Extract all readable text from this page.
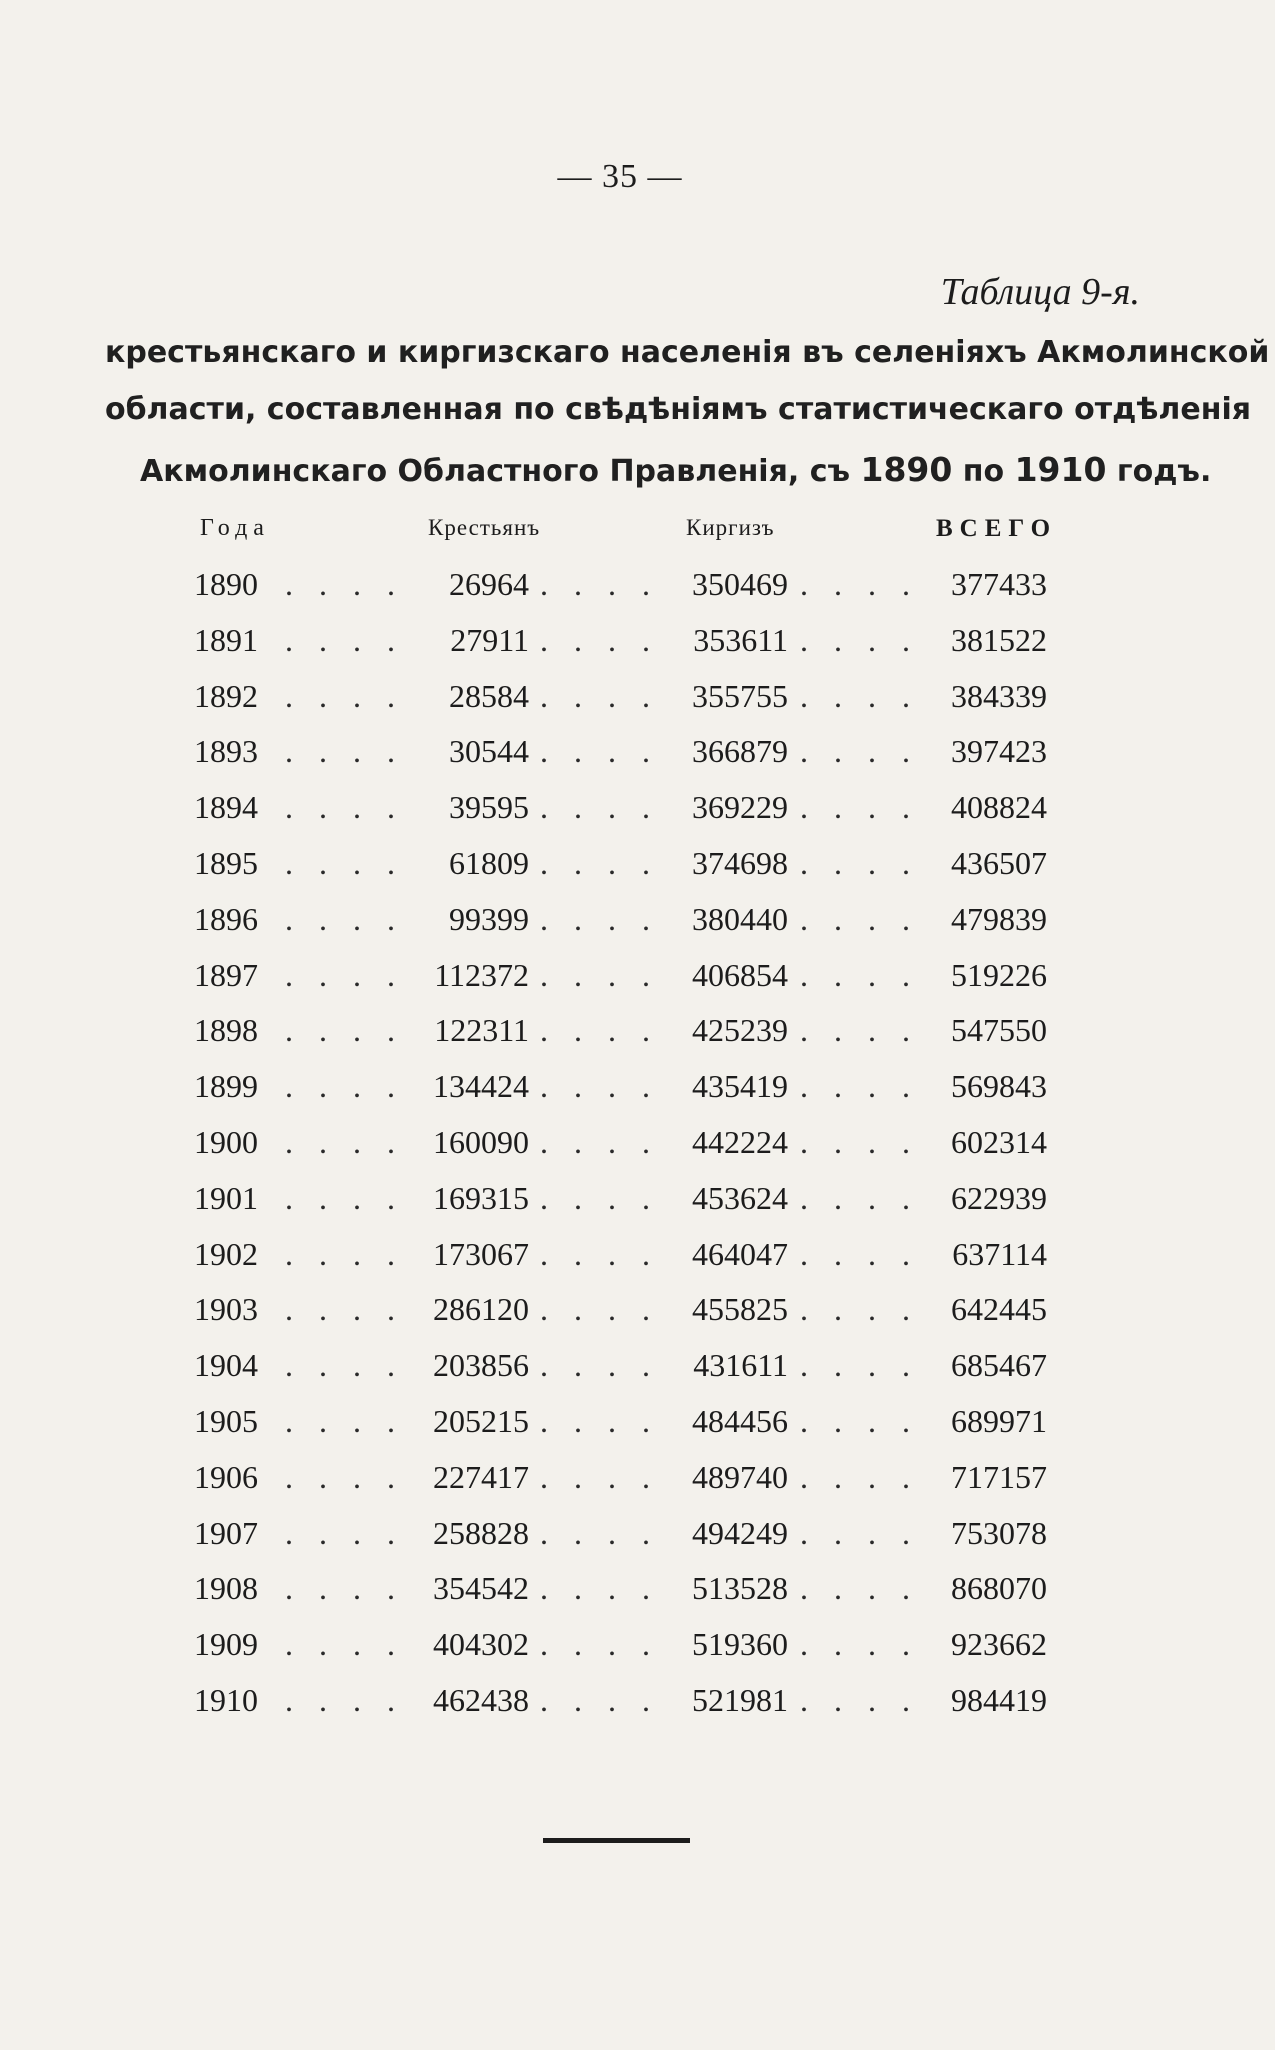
— 35 —
Таблица 9-я.
крестьянскаго и киргизскаго населенія въ селеніяхъ Акмолинской
области, составленная по свѣдѣніямъ статистическаго отдѣленія
Акмолинскаго Областного Правленія, съ 1890 по 1910 годъ.
Года	Крестьянъ	Киргизъ	ВСЕГО
1890	26964	350469	377433
. . . .	. . . .	. . . .
1891	27911	353611	381522
. . . .	. . . .	. . . .
1892	28584	355755	384339
. . . .	. . . .	. . . .
1893	30544	366879	397423
. . . .	. . . .	. . . .
1894	39595	369229	408824
. . . .	. . . .	. . . .
1895	61809	374698	436507
. . . .	. . . .	. . . .
1896	99399	380440	479839
. . . .	. . . .	. . . .
1897	112372	406854	519226
. . . .	. . . .	. . . .
1898	122311	425239	547550
. . . .	. . . .	. . . .
1899	134424	435419	569843
. . . .	. . . .	. . . .
1900	160090	442224	602314
. . . .	. . . .	. . . .
1901	169315	453624	622939
. . . .	. . . .	. . . .
1902	173067	464047	637114
. . . .	. . . .	. . . .
1903	286120	455825	642445
. . . .	. . . .	. . . .
1904	203856	431611	685467
. . . .	. . . .	. . . .
1905	205215	484456	689971
. . . .	. . . .	. . . .
1906	227417	489740	717157
. . . .	. . . .	. . . .
1907	258828	494249	753078
. . . .	. . . .	. . . .
1908	354542	513528	868070
. . . .	. . . .	. . . .
1909	404302	519360	923662
. . . .	. . . .	. . . .
1910	462438	521981	984419
. . . .	. . . .	. . . .
